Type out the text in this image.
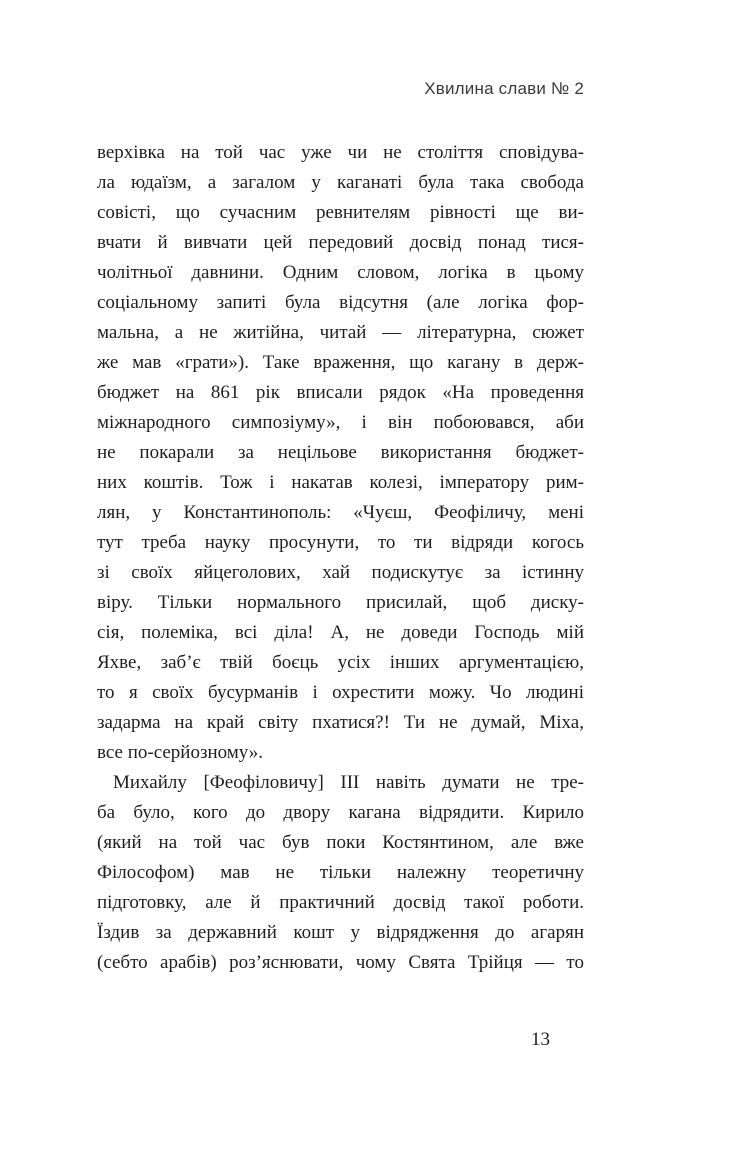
Хвилина слави № 2
верхівка на той час уже чи не століття сповідува-
ла юдаїзм, а загалом у каганаті була така свобода
совісті, що сучасним ревнителям рівності ще ви-
вчати й вивчати цей передовий досвід понад тися-
чолітньої давнини. Одним словом, логіка в цьому
соціальному запиті була відсутня (але логіка фор-
мальна, а не житійна, читай — літературна, сюжет
же мав «грати»). Таке враження, що кагану в держ-
бюджет на 861 рік вписали рядок «На проведення
міжнародного симпозіуму», і він побоювався, аби
не покарали за нецільове використання бюджет-
них коштів. Тож і накатав колезі, імператору рим-
лян, у Константинополь: «Чуєш, Феофіличу, мені
тут треба науку просунути, то ти відряди когось
зі своїх яйцеголових, хай подискутує за істинну
віру. Тільки нормального присилай, щоб диску-
сія, полеміка, всі діла! А, не доведи Господь мій
Яхве, заб’є твій боєць усіх інших аргументацією,
то я своїх бусурманів і охрестити можу. Чо людині
задарма на край світу пхатися?! Ти не думай, Міха,
все по-серйозному».
Михайлу [Феофіловичу] III навіть думати не тре-
ба було, кого до двору кагана відрядити. Кирило
(який на той час був поки Костянтином, але вже
Філософом) мав не тільки належну теоретичну
підготовку, але й практичний досвід такої роботи.
Їздив за державний кошт у відрядження до агарян
(себто арабів) роз’яснювати, чому Свята Трійця — то
13
